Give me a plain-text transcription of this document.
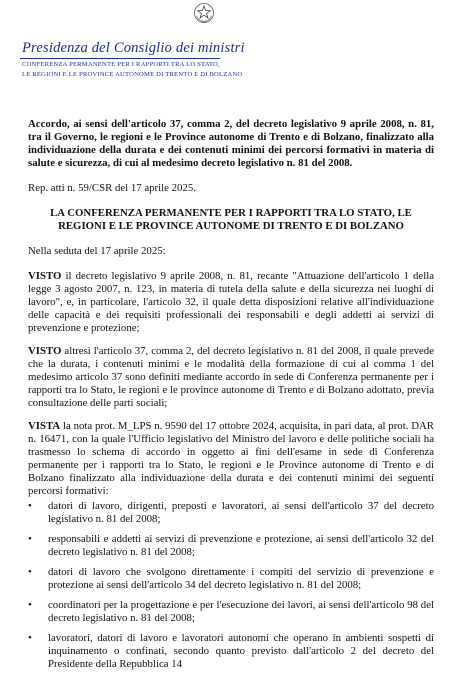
Presidenza del Consiglio dei ministri
CONFERENZA PERMANENTE PER I RAPPORTI TRA LO STATO,
LE REGIONI E LE PROVINCE AUTONOME DI TRENTO E DI BOLZANO

Accordo, ai sensi dell'articolo 37, comma 2, del decreto legislativo 9 aprile 2008, n. 81, tra il Governo, le regioni e le Province autonome di Trento e di Bolzano, finalizzato alla individuazione della durata e dei contenuti minimi dei percorsi formativi in materia di salute e sicurezza, di cui al medesimo decreto legislativo n. 81 del 2008.

Rep. atti n. 59/CSR del 17 aprile 2025.

LA CONFERENZA PERMANENTE PER I RAPPORTI TRA LO STATO, LE REGIONI E LE PROVINCE AUTONOME DI TRENTO E DI BOLZANO

Nella seduta del 17 aprile 2025:

VISTO il decreto legislativo 9 aprile 2008, n. 81, recante "Attuazione dell'articolo 1 della legge 3 agosto 2007, n. 123, in materia di tutela della salute e della sicurezza nei luoghi di lavoro", e, in particolare, l'articolo 32, il quale detta disposizioni relative all'individuazione delle capacità e dei requisiti professionali dei responsabili e degli addetti ai servizi di prevenzione e protezione;

VISTO altresì l'articolo 37, comma 2, del decreto legislativo n. 81 del 2008, il quale prevede che la durata, i contenuti minimi e le modalità della formazione di cui al comma 1 del medesimo articolo 37 sono definiti mediante accordo in sede di Conferenza permanente per i rapporti tra lo Stato, le regioni e le province autonome di Trento e di Bolzano adottato, previa consultazione delle parti sociali;

VISTA la nota prot. M_LPS n. 9590 del 17 ottobre 2024, acquisita, in pari data, al prot. DAR n. 16471, con la quale l'Ufficio legislativo del Ministro del lavoro e delle politiche sociali ha trasmesso lo schema di accordo in oggetto ai fini dell'esame in sede di Conferenza permanente per i rapporti tra lo Stato, le regioni e le Province autonome di Trento e di Bolzano finalizzato alla individuazione della durata e dei contenuti minimi dei seguenti percorsi formativi:

• datori di lavoro, dirigenti, preposti e lavoratori, ai sensi dell'articolo 37 del decreto legislativo n. 81 del 2008;
• responsabili e addetti ai servizi di prevenzione e protezione, ai sensi dell'articolo 32 del decreto legislativo n. 81 del 2008;
• datori di lavoro che svolgono direttamente i compiti del servizio di prevenzione e protezione ai sensi dell'articolo 34 del decreto legislativo n. 81 del 2008;
• coordinatori per la progettazione e per l'esecuzione dei lavori, ai sensi dell'articolo 98 del decreto legislativo n. 81 del 2008;
• lavoratori, datori di lavoro e lavoratori autonomi che operano in ambienti sospetti di inquinamento o confinati, secondo quanto previsto dall'articolo 2 del decreto del Presidente della Repubblica 14
